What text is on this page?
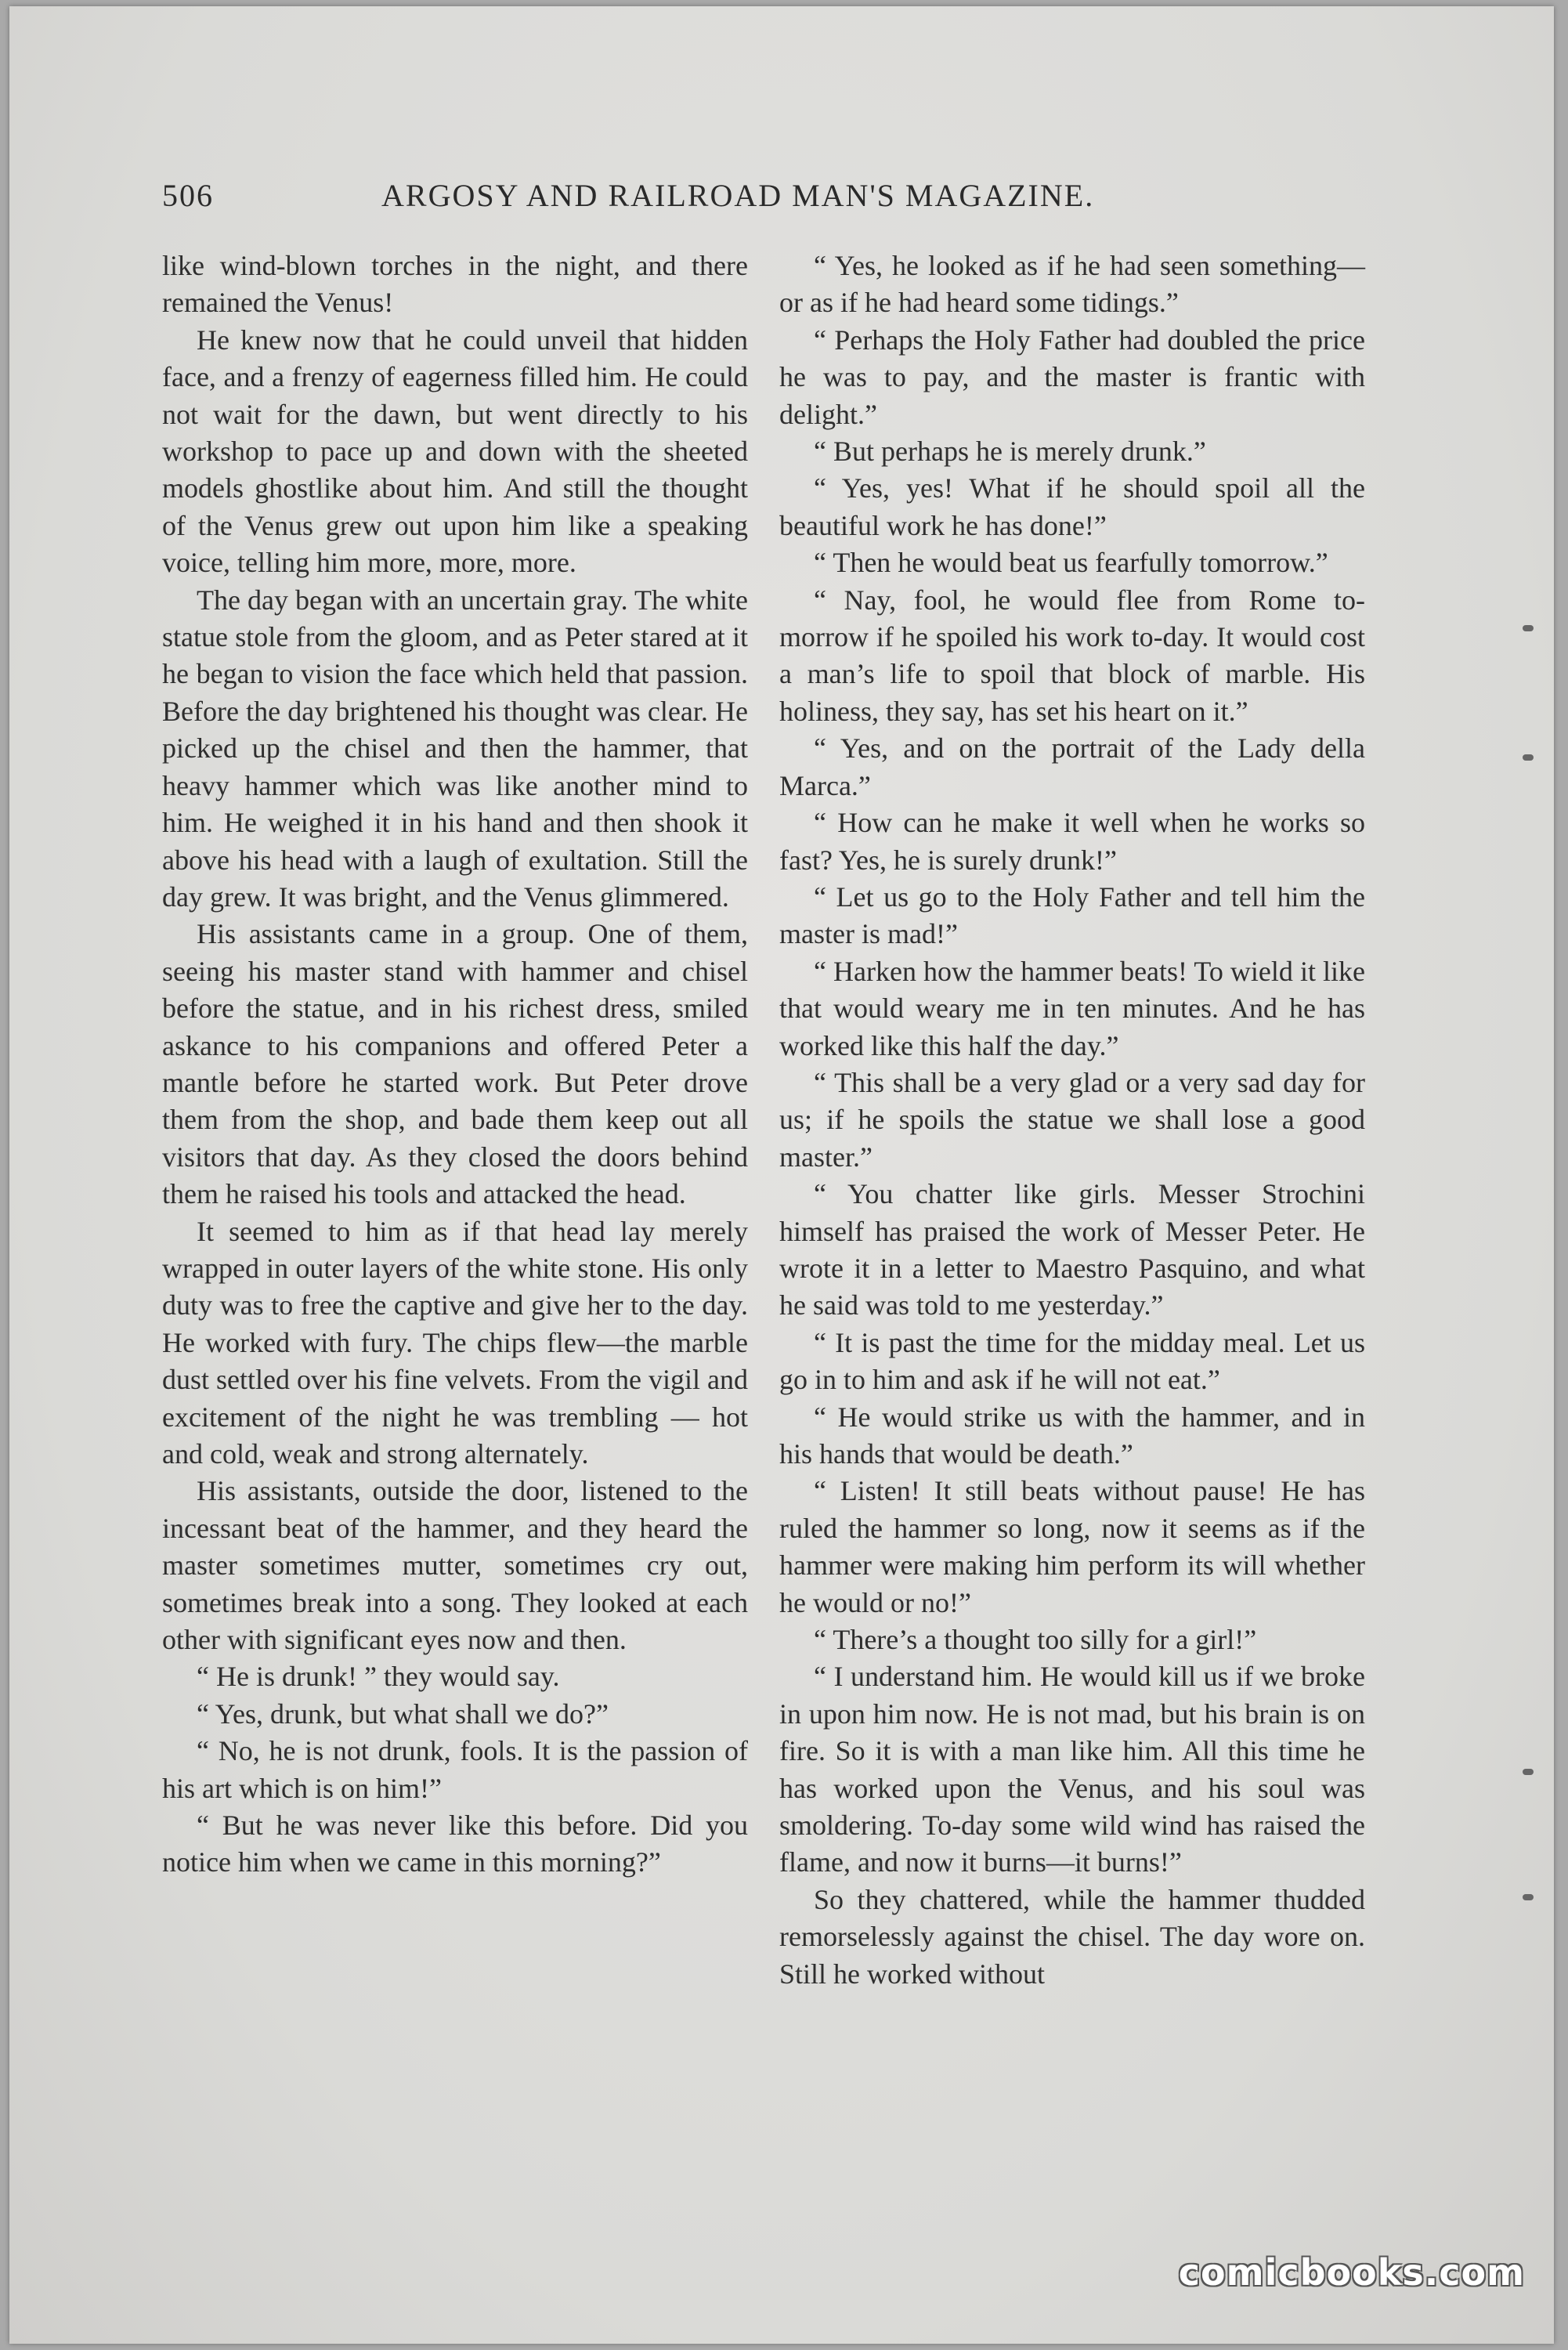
506	ARGOSY AND RAILROAD MAN'S MAGAZINE.

like wind-blown torches in the night, and there remained the Venus!

He knew now that he could unveil that hidden face, and a frenzy of eagerness filled him. He could not wait for the dawn, but went directly to his workshop to pace up and down with the sheeted models ghostlike about him. And still the thought of the Venus grew out upon him like a speaking voice, telling him more, more, more.

The day began with an uncertain gray. The white statue stole from the gloom, and as Peter stared at it he began to vision the face which held that passion. Before the day brightened his thought was clear. He picked up the chisel and then the hammer, that heavy hammer which was like another mind to him. He weighed it in his hand and then shook it above his head with a laugh of exultation. Still the day grew. It was bright, and the Venus glimmered.

His assistants came in a group. One of them, seeing his master stand with hammer and chisel before the statue, and in his richest dress, smiled askance to his companions and offered Peter a mantle before he started work. But Peter drove them from the shop, and bade them keep out all visitors that day. As they closed the doors behind them he raised his tools and attacked the head.

It seemed to him as if that head lay merely wrapped in outer layers of the white stone. His only duty was to free the captive and give her to the day. He worked with fury. The chips flew—the marble dust settled over his fine velvets. From the vigil and excitement of the night he was trembling — hot and cold, weak and strong alternately.

His assistants, outside the door, listened to the incessant beat of the hammer, and they heard the master sometimes mutter, sometimes cry out, sometimes break into a song. They looked at each other with significant eyes now and then.

“ He is drunk! ” they would say.

“ Yes, drunk, but what shall we do?”

“ No, he is not drunk, fools. It is the passion of his art which is on him!”

“ But he was never like this before. Did you notice him when we came in this morning?”

“ Yes, he looked as if he had seen something—or as if he had heard some tidings.”

“ Perhaps the Holy Father had doubled the price he was to pay, and the master is frantic with delight.”

“ But perhaps he is merely drunk.”

“ Yes, yes! What if he should spoil all the beautiful work he has done!”

“ Then he would beat us fearfully tomorrow.”

“ Nay, fool, he would flee from Rome to-morrow if he spoiled his work to-day. It would cost a man’s life to spoil that block of marble. His holiness, they say, has set his heart on it.”

“ Yes, and on the portrait of the Lady della Marca.”

“ How can he make it well when he works so fast? Yes, he is surely drunk!”

“ Let us go to the Holy Father and tell him the master is mad!”

“ Harken how the hammer beats! To wield it like that would weary me in ten minutes. And he has worked like this half the day.”

“ This shall be a very glad or a very sad day for us; if he spoils the statue we shall lose a good master.”

“ You chatter like girls. Messer Strochini himself has praised the work of Messer Peter. He wrote it in a letter to Maestro Pasquino, and what he said was told to me yesterday.”

“ It is past the time for the midday meal. Let us go in to him and ask if he will not eat.”

“ He would strike us with the hammer, and in his hands that would be death.”

“ Listen! It still beats without pause! He has ruled the hammer so long, now it seems as if the hammer were making him perform its will whether he would or no!”

“ There’s a thought too silly for a girl!”

“ I understand him. He would kill us if we broke in upon him now. He is not mad, but his brain is on fire. So it is with a man like him. All this time he has worked upon the Venus, and his soul was smoldering. To-day some wild wind has raised the flame, and now it burns—it burns!”

So they chattered, while the hammer thudded remorselessly against the chisel. The day wore on. Still he worked without

comicbooks.com
